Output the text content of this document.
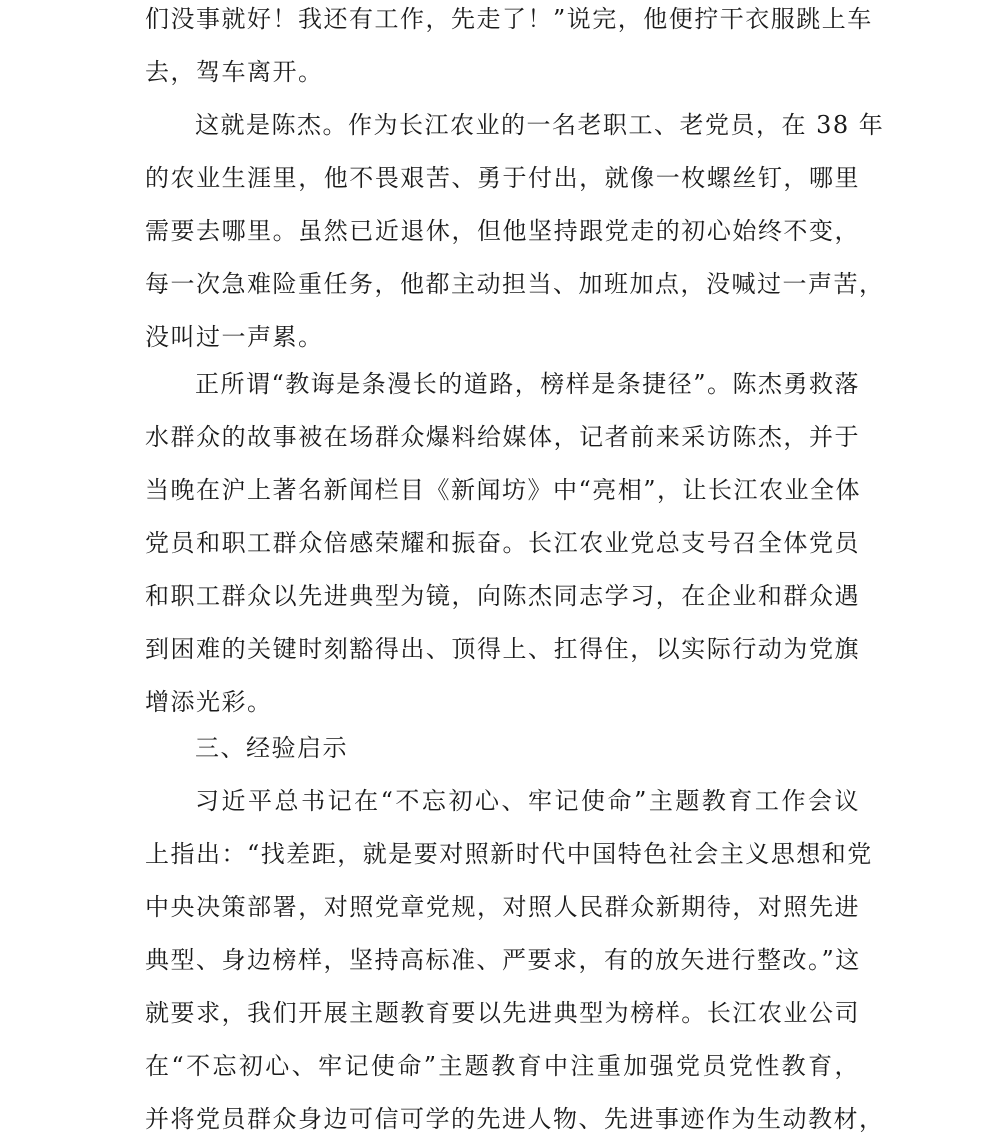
们没事就好！我还有工作，先走了！”说完，他便拧干衣服跳上车
去，驾车离开。
这就是陈杰。作为长江农业的一名老职工、老党员，在 38 年
的农业生涯里，他不畏艰苦、勇于付出，就像一枚螺丝钉，哪里
需要去哪里。虽然已近退休，但他坚持跟党走的初心始终不变，
每一次急难险重任务，他都主动担当、加班加点，没喊过一声苦，
没叫过一声累。
正所谓“教诲是条漫长的道路，榜样是条捷径”。陈杰勇救落
水群众的故事被在场群众爆料给媒体，记者前来采访陈杰，并于
当晚在沪上著名新闻栏目《新闻坊》中“亮相”，让长江农业全体
党员和职工群众倍感荣耀和振奋。长江农业党总支号召全体党员
和职工群众以先进典型为镜，向陈杰同志学习，在企业和群众遇
到困难的关键时刻豁得出、顶得上、扛得住，以实际行动为党旗
增添光彩。
三、经验启示
习近平总书记在“不忘初心、牢记使命”主题教育工作会议
上指出：“找差距，就是要对照新时代中国特色社会主义思想和党
中央决策部署，对照党章党规，对照人民群众新期待，对照先进
典型、身边榜样，坚持高标准、严要求，有的放矢进行整改。”这
就要求，我们开展主题教育要以先进典型为榜样。长江农业公司
在“不忘初心、牢记使命”主题教育中注重加强党员党性教育，
并将党员群众身边可信可学的先进人物、先进事迹作为生动教材，
